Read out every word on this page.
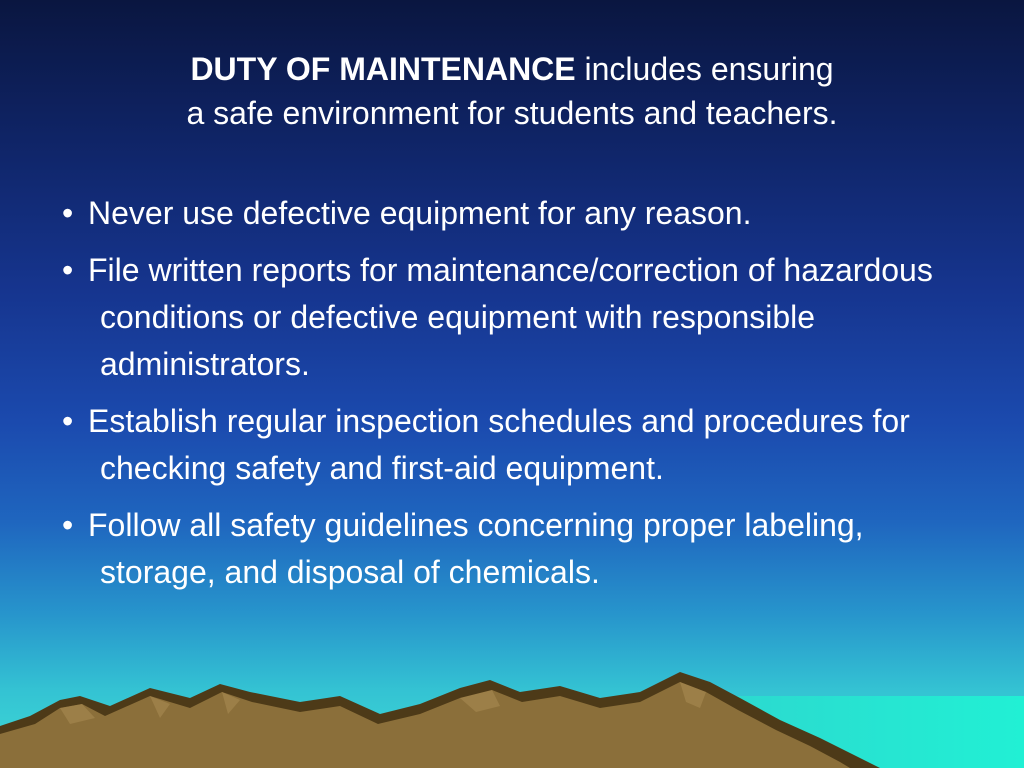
DUTY OF MAINTENANCE includes ensuring
a safe environment for students and teachers.
• Never use defective equipment for any reason.
• File written reports for maintenance/correction of hazardous conditions or defective equipment with responsible administrators.
• Establish regular inspection schedules and procedures for checking safety and first-aid equipment.
• Follow all safety guidelines concerning proper labeling, storage, and disposal of chemicals.
